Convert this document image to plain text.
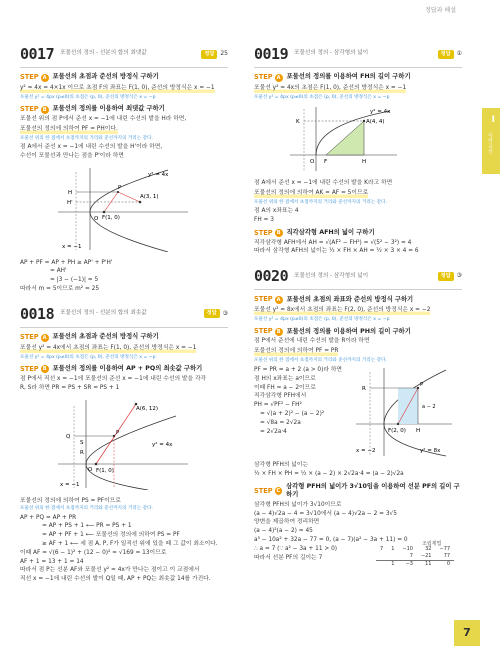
정답과 해설
0017 포물선의 정의 - 선분의 합의 최댓값	정답	25
STEP A 포물선의 초점과 준선의 방정식 구하기
y² = 4x = 4×1x 이므로 초점 F의 좌표는 F(1, 0), 준선의 방정식은 x = −1
포물선 y² = 4px (p≠0)의 초점은 (p, 0), 준선의 방정식은 x = −p
STEP B 포물선의 정의를 이용하여 최댓값 구하기
포물선 위의 점 P에서 준선 x = −1에 내린 수선의 발을 H라 하면,
포물선의 정의에 의하여 PF = PH이다.
포물선 위의 한 점에서 초점까지의 거리와 준선까지의 거리는 같다.
점 A에서 준선 x = −1에 내린 수선의 발을 H'이라 하면,
수선이 포물선과 만나는 점을 P'이라 하면
A(3, 1)
F(1, 0)
y² = 4x
x = −1
H
H'
P
O
AP + PF = AP + PH ≥ AP' + P'H'
= AH'
= |3 − (−1)| = 5
따라서 m = 5이므로 m² = 25
0018 포물선의 정의 - 선분의 합의 최솟값	정답	③
STEP A 포물선의 초점과 준선의 방정식 구하기
포물선 y² = 4x에서 초점의 좌표는 F(1, 0), 준선의 방정식은 x = −1
포물선 y² = 4px (p≠0)의 초점은 (p, 0), 준선의 방정식은 x = −p
STEP B 포물선의 정의를 이용하여 AP + PQ의 최솟값 구하기
점 P에서 직선 x = −1에 포물선의 준선 x = −1에 내린 수선의 발을 각각
R, S라 하면 PR = PS + SR = PS + 1
A(6, 12)
F(1, 0)
y² = 4x
x = −1
Q
S
R
P
O
포물선의 정의에 의하여 PS = PF이므로
포물선 위의 한 점에서 초점까지의 거리와 준선까지의 거리는 같다.
AP + PQ = AP + PR
= AP + PS + 1 ⟵ PR = PS + 1
= AP + PF + 1 ⟵ 포물선의 정의에 의하여 PS = PF
≥ AF + 1 ⟵ 세 점 A, P, F가 일직선 위에 있을 때 그 값이 최소이다.
이때 AF = √(6 − 1)² + (12 − 0)² = √169 = 13이므로
AF + 1 = 13 + 1 = 14
따라서 점 P는 선분 AF와 포물선 y² = 4x가 만나는 점이고 이 교점에서
직선 x = −1에 내린 수선의 발이 Q일 때, AP + PQ는 최솟값 14를 가진다.
0019 포물선의 정의 - 삼각형의 넓이	정답	①
STEP A 포물선의 정의를 이용하여 FH의 길이 구하기
포물선 y² = 4x의 초점은 F(1, 0), 준선의 방정식은 x = −1
포물선 y² = 4px (p≠0)의 초점은 (p, 0), 준선의 방정식은 x = −p
A(4, 4)
F	H
K
y² = 4x
O
점 A에서 준선 x = −1에 내린 수선의 발을 K라고 하면
포물선의 정의에 의하여 AK = AF = 5이므로
포물선 위의 한 점에서 초점까지의 거리와 준선까지의 거리는 같다.
점 A의 x좌표는 4
FH = 3
STEP B 직각삼각형 AFH의 넓이 구하기
직각삼각형 AFH에서 AH = √(AF² − FH²) = √(5² − 3²) = 4
따라서 삼각형 AFH의 넓이는 ½ × FH × AH = ½ × 3 × 4 = 6
0020 포물선의 정의 - 삼각형의 넓이	정답	③
STEP A 포물선의 초점의 좌표와 준선의 방정식 구하기
포물선 y² = 8x에서 초점의 좌표는 F(2, 0), 준선의 방정식은 x = −2
포물선 y² = 4px (p≠0)의 초점은 (p, 0), 준선의 방정식은 x = −p
STEP B 포물선의 정의를 이용하여 PH의 길이 구하기
점 P에서 준선에 내린 수선의 발을 R이라 하면
포물선의 정의에 의하여 PF = PR
포물선 위의 한 점에서 초점까지의 거리와 준선까지의 거리는 같다.
PF = PR = a + 2 (a > 0)라 하면
점 H의 x좌표는 a이므로
이때 FH = a − 2이므로
직각삼각형 PFH에서
PH = √PF² − FH²
= √(a + 2)² − (a − 2)²
= √8a = 2√2a
= 2√2a·4
P
R
H
F(2, 0)
x = −2	y² = 8x
a − 2
삼각형 PFH의 넓이는
½ × FH × PH = ½ × (a − 2) × 2√2a·4 = (a − 2)√2a
STEP C
삼각형 PFH의 넓이가 3√10임을 이용하여 선분 PF의 길이 구하기
삼각형 PFH의 넓이가 3√10이므로
(a − 4)√2a − 4 = 3√10에서 (a − 4)√2a − 2 = 3√5
양변을 제곱하여 정리하면
(a − 4)²(a − 2) = 45
a³ − 10a² + 32a − 77 = 0, (a − 7)(a² − 3a + 11) = 0
∴ a = 7 (∵ a² − 3a + 11 > 0)
따라서 선분 PF의 길이는 7
조립제법
7	1	−10	32	−77
		7	−21	77
	1	−3	11	0
I
이차곡선
7
